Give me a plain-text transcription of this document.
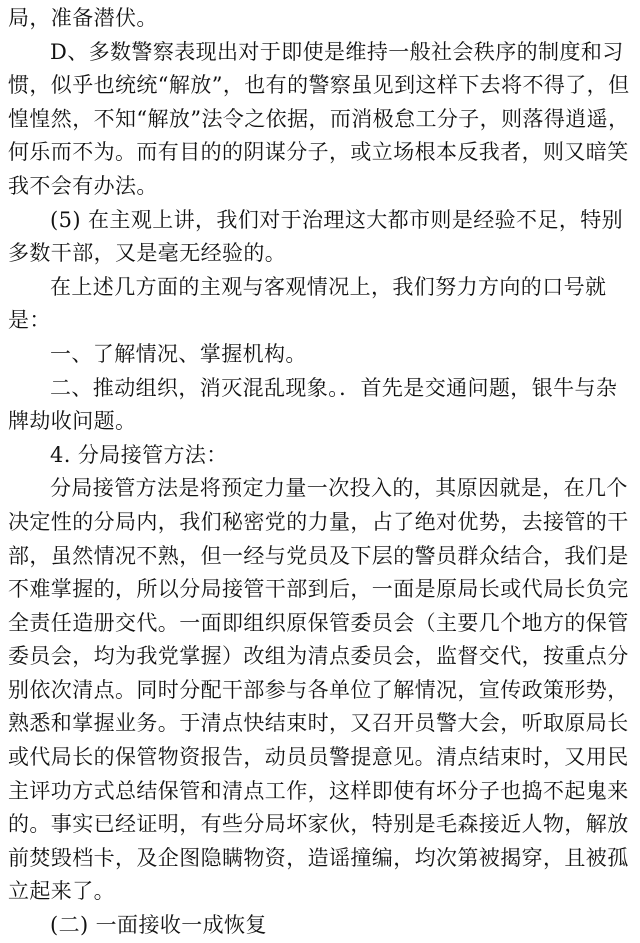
局，准备潜伏。
D、多数警察表现出对于即使是维持一般社会秩序的制度和习
惯，似乎也统统“解放”，也有的警察虽见到这样下去将不得了，但
惶惶然，不知“解放”法令之依据，而消极怠工分子，则落得逍遥，
何乐而不为。而有目的的阴谋分子，或立场根本反我者，则又暗笑
我不会有办法。
(5) 在主观上讲，我们对于治理这大都市则是经验不足，特别
多数干部，又是毫无经验的。
在上述几方面的主观与客观情况上，我们努力方向的口号就
是：
一、了解情况、掌握机构。
二、推动组织，消灭混乱现象。．首先是交通问题，银牛与杂
牌劫收问题。
4. 分局接管方法：
分局接管方法是将预定力量一次投入的，其原因就是，在几个
决定性的分局内，我们秘密党的力量，占了绝对优势，去接管的干
部，虽然情况不熟，但一经与党员及下层的警员群众结合，我们是
不难掌握的，所以分局接管干部到后，一面是原局长或代局长负完
全责任造册交代。一面即组织原保管委员会（主要几个地方的保管
委员会，均为我党掌握）改组为清点委员会，监督交代，按重点分
别依次清点。同时分配干部参与各单位了解情况，宣传政策形势，
熟悉和掌握业务。于清点快结束时，又召开员警大会，听取原局长
或代局长的保管物资报告，动员员警提意见。清点结束时，又用民
主评功方式总结保管和清点工作，这样即使有坏分子也捣不起鬼来
的。事实已经证明，有些分局坏家伙，特别是毛森接近人物，解放
前焚毁档卡，及企图隐瞒物资，造谣撞编，均次第被揭穿，且被孤
立起来了。
(二) 一面接收一成恢复
